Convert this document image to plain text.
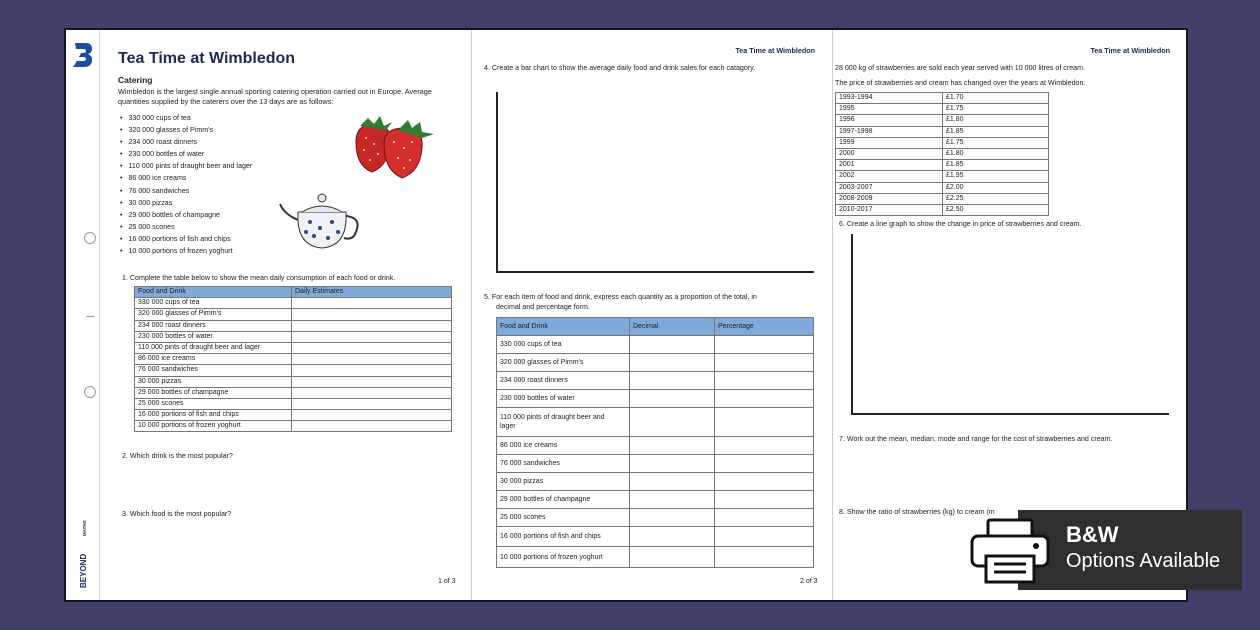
BEYOND
MATHS
Tea Time at Wimbledon
Catering
Wimbledon is the largest single annual sporting catering operation carried out in Europe. Average quantities supplied by the caterers over the 13 days are as follows:
• 330 000 cups of tea
• 320 000 glasses of Pimm's
• 234 000 roast dinners
• 230 000 bottles of water
• 110 000 pints of draught beer and lager
• 86 000 ice creams
• 76 000 sandwiches
• 30 000 pizzas
• 29 000 bottles of champagne
• 25 000 scones
• 16 000 portions of fish and chips
• 10 000 portions of frozen yoghurt
1. Complete the table below to show the mean daily consumption of each food or drink.
Food and Drink	Daily Estimates
330 000 cups of tea	
320 000 glasses of Pimm's	
234 000 roast dinners	
230 000 bottles of water	
110 000 pints of draught beer and lager	
86 000 ice creams	
76 000 sandwiches	
30 000 pizzas	
29 000 bottles of champagne	
25 000 scones	
16 000 portions of fish and chips	
10 000 portions of frozen yoghurt	
2. Which drink is the most popular?
3. Which food is the most popular?
1 of 3
Tea Time at Wimbledon
4. Create a bar chart to show the average daily food and drink sales for each catagory.
5. For each item of food and drink, express each quantity as a proportion of the total, in
decimal and percentage form.
Food and Drink	Decimal	Percentage
330 000 cups of tea		
320 000 glasses of Pimm's		
234 000 roast dinners		
230 000 bottles of water		
110 000 pints of draught beer and
lager		
86 000 ice creams		
76 000 sandwiches		
30 000 pizzas		
29 000 bottles of champagne		
25 000 scones		
16 000 portions of fish and chips		
10 000 portions of frozen yoghurt		
2 of 3
Tea Time at Wimbledon
28 000 kg of strawberries are sold each year served with 10 000 litres of cream.
The price of strawberries and cream has changed over the years at Wimbledon.
1993-1994	£1.70
1995	£1.75
1996	£1.80
1997-1998	£1.85
1999	£1.75
2000	£1.80
2001	£1.85
2002	£1.95
2003-2007	£2.00
2008-2009	£2.25
2010-2017	£2.50
6. Create a line graph to show the change in price of strawberries and cream.
7. Work out the mean, median, mode and range for the cost of strawberries and cream.
8. Show the ratio of strawberries (kg) to cream (m
B&W
Options Available
